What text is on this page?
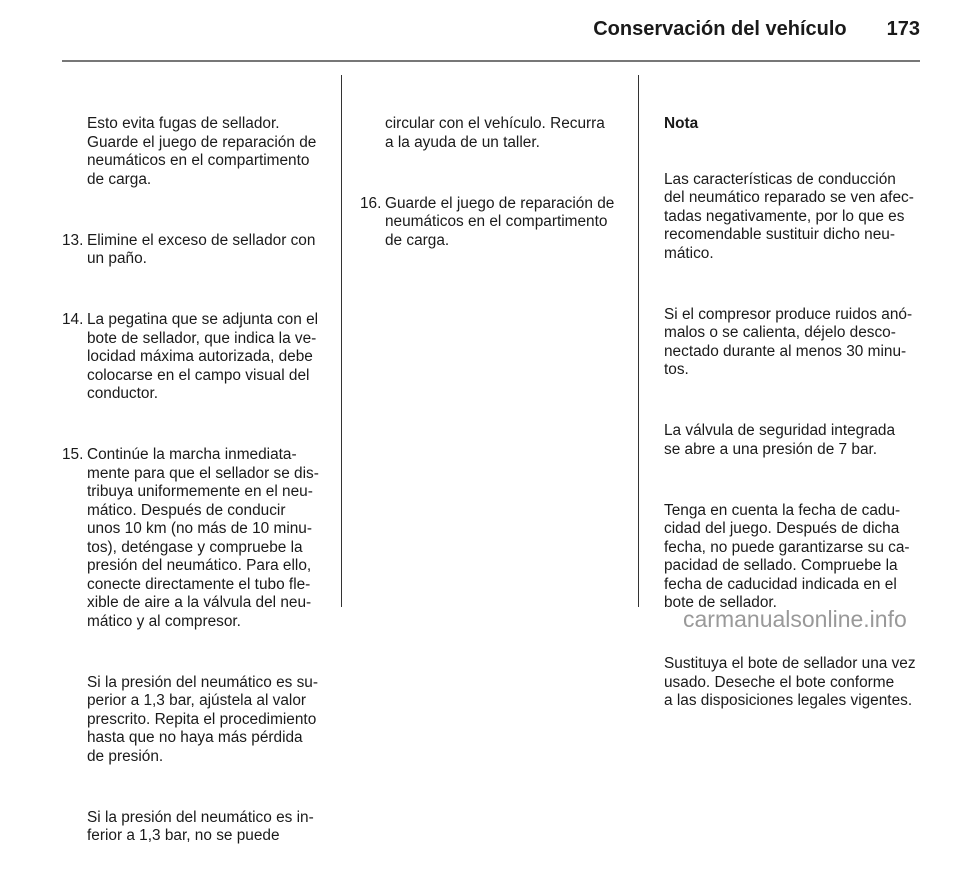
Conservación del vehículo 173

Esto evita fugas de sellador.
Guarde el juego de reparación de
neumáticos en el compartimento
de carga.

13. Elimine el exceso de sellador con
un paño.

14. La pegatina que se adjunta con el
bote de sellador, que indica la ve-
locidad máxima autorizada, debe
colocarse en el campo visual del
conductor.

15. Continúe la marcha inmediata-
mente para que el sellador se dis-
tribuya uniformemente en el neu-
mático. Después de conducir
unos 10 km (no más de 10 minu-
tos), deténgase y compruebe la
presión del neumático. Para ello,
conecte directamente el tubo fle-
xible de aire a la válvula del neu-
mático y al compresor.

Si la presión del neumático es su-
perior a 1,3 bar, ajústela al valor
prescrito. Repita el procedimiento
hasta que no haya más pérdida
de presión.

Si la presión del neumático es in-
ferior a 1,3 bar, no se puede

circular con el vehículo. Recurra
a la ayuda de un taller.

16. Guarde el juego de reparación de
neumáticos en el compartimento
de carga.

Nota

Las características de conducción
del neumático reparado se ven afec-
tadas negativamente, por lo que es
recomendable sustituir dicho neu-
mático.

Si el compresor produce ruidos anó-
malos o se calienta, déjelo desco-
nectado durante al menos 30 minu-
tos.

La válvula de seguridad integrada
se abre a una presión de 7 bar.

Tenga en cuenta la fecha de cadu-
cidad del juego. Después de dicha
fecha, no puede garantizarse su ca-
pacidad de sellado. Compruebe la
fecha de caducidad indicada en el
bote de sellador.

Sustituya el bote de sellador una vez
usado. Deseche el bote conforme
a las disposiciones legales vigentes.

carmanualsonline.info
